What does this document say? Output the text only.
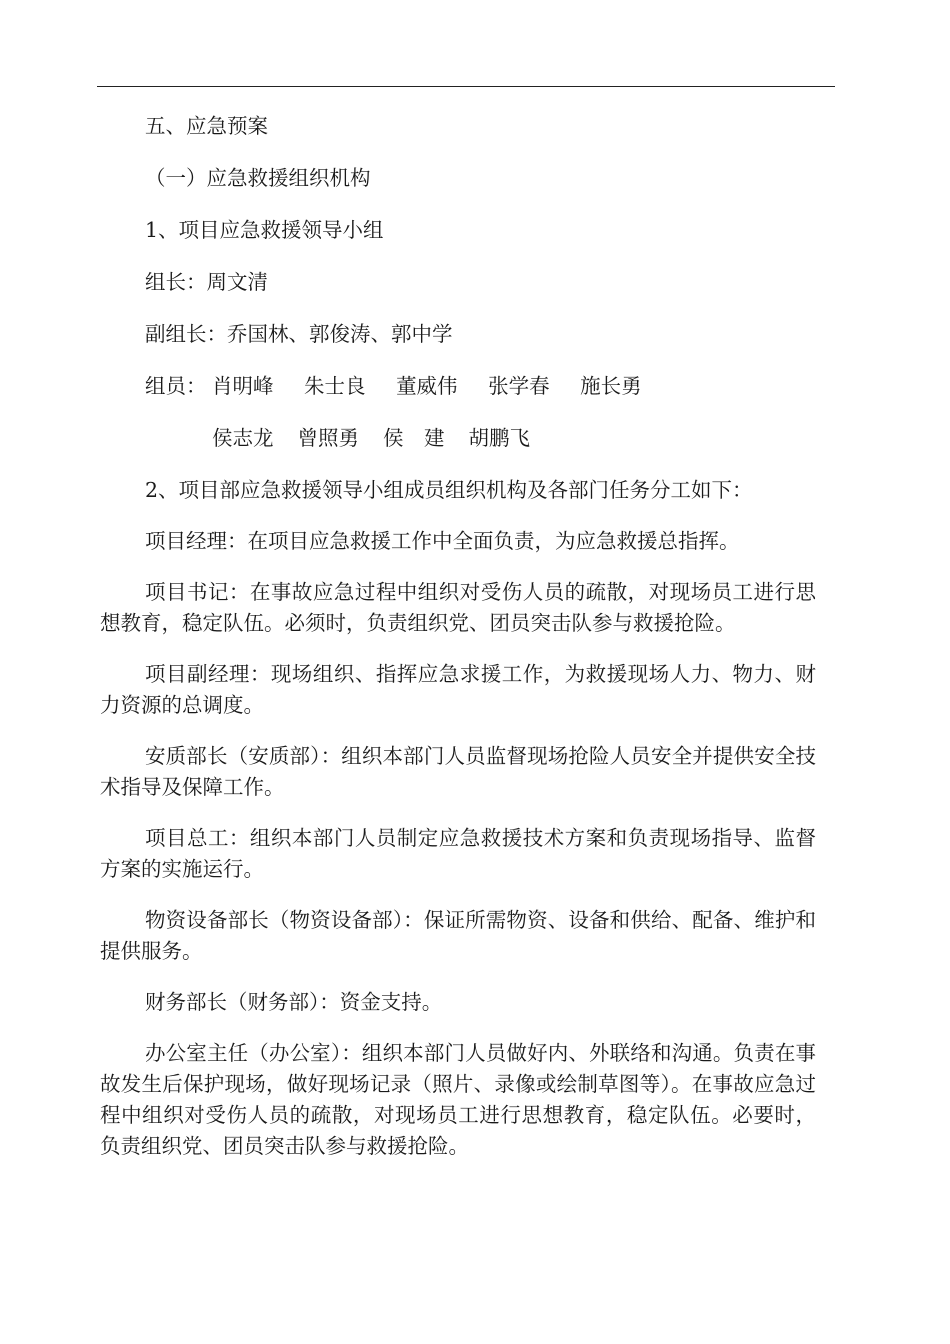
五、应急预案

（一）应急救援组织机构

1、项目应急救援领导小组

组长：周文清

副组长：乔国林、郭俊涛、郭中学

组员： 肖明峰 朱士良 董威伟 张学春 施长勇
侯志龙 曾照勇 侯　建 胡鹏飞

2、项目部应急救援领导小组成员组织机构及各部门任务分工如下：

项目经理：在项目应急救援工作中全面负责，为应急救援总指挥。

项目书记：在事故应急过程中组织对受伤人员的疏散，对现场员工进行思想教育，稳定队伍。必须时，负责组织党、团员突击队参与救援抢险。

项目副经理：现场组织、指挥应急求援工作，为救援现场人力、物力、财力资源的总调度。

安质部长（安质部）：组织本部门人员监督现场抢险人员安全并提供安全技术指导及保障工作。

项目总工：组织本部门人员制定应急救援技术方案和负责现场指导、监督方案的实施运行。

物资设备部长（物资设备部）：保证所需物资、设备和供给、配备、维护和提供服务。

财务部长（财务部）：资金支持。

办公室主任（办公室）：组织本部门人员做好内、外联络和沟通。负责在事故发生后保护现场，做好现场记录（照片、录像或绘制草图等）。在事故应急过程中组织对受伤人员的疏散，对现场员工进行思想教育，稳定队伍。必要时，负责组织党、团员突击队参与救援抢险。
